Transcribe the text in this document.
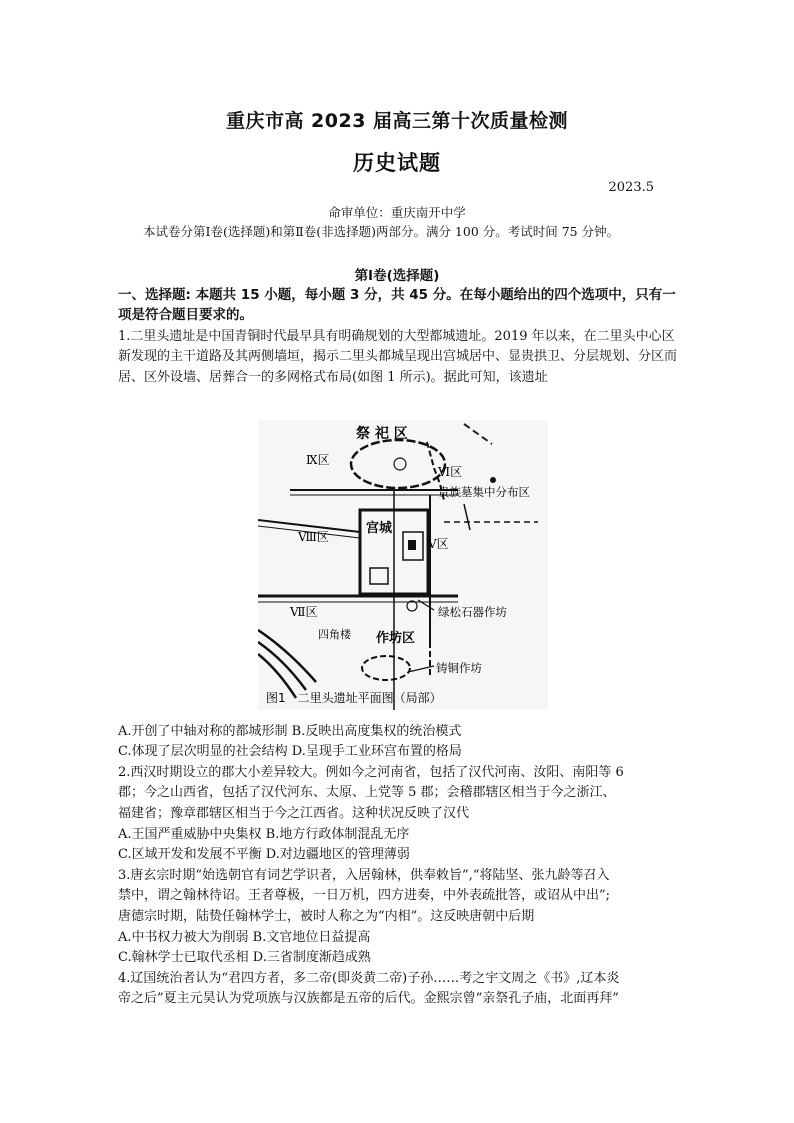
重庆市高 2023 届高三第十次质量检测
历史试题
2023.5
命审单位：重庆南开中学
本试卷分第Ⅰ卷(选择题)和第Ⅱ卷(非选择题)两部分。满分 100 分。考试时间 75 分钟。
第Ⅰ卷(选择题)
一、选择题: 本题共 15 小题，每小题 3 分，共 45 分。在每小题给出的四个选项中，只有一项是符合题目要求的。
1.二里头遗址是中国青铜时代最早具有明确规划的大型都城遗址。2019 年以来，在二里头中心区新发现的主干道路及其两侧墙垣，揭示二里头都城呈现出宫城居中、显贵拱卫、分层规划、分区而居、区外设墙、居葬合一的多网格式布局(如图 1 所示)。据此可知，该遗址
祭 祀 区
Ⅸ区
Ⅵ区
贵族墓集中分布区
Ⅷ区
宫城
Ⅴ区
Ⅶ区	绿松石器作坊
四角楼 作坊区
铸铜作坊
图1　二里头遗址平面图（局部）
A.开创了中轴对称的都城形制 B.反映出高度集权的统治模式
C.体现了层次明显的社会结构 D.呈现手工业环宫布置的格局
2.西汉时期设立的郡大小差异较大。例如今之河南省，包括了汉代河南、汝阳、南阳等 6
郡；今之山西省，包括了汉代河东、太原、上党等 5 郡；会稽郡辖区相当于今之浙江、
福建省；豫章郡辖区相当于今之江西省。这种状况反映了汉代
A.王国严重威胁中央集权 B.地方行政体制混乱无序
C.区域开发和发展不平衡 D.对边疆地区的管理薄弱
3.唐玄宗时期“始选朝官有词艺学识者，入居翰林，供奉敕旨”,“将陆坚、张九龄等召入
禁中，谓之翰林待诏。王者尊极，一日万机，四方进奏，中外表疏批答，或诏从中出”;
唐德宗时期，陆贽任翰林学士，被时人称之为“内相”。这反映唐朝中后期
A.中书权力被大为削弱 B.文官地位日益提高
C.翰林学士已取代丞相 D.三省制度渐趋成熟
4.辽国统治者认为“君四方者，多二帝(即炎黄二帝)子孙……考之宇文周之《书》,辽本炎
帝之后”夏主元昊认为党项族与汉族都是五帝的后代。金熙宗曾“亲祭孔子庙，北面再拜”
